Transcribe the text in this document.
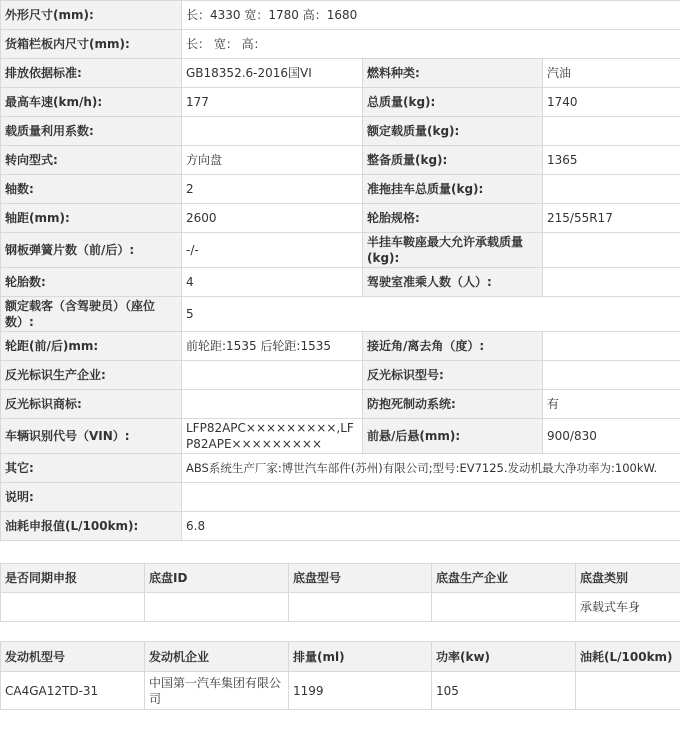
外形尺寸(mm):	长：4330 宽：1780 高：1680		
货箱栏板内尺寸(mm):	长： 宽： 高：		
排放依据标准:	GB18352.6-2016国VI	燃料种类:	汽油
最高车速(km/h):	177	总质量(kg):	1740
载质量利用系数:		额定载质量(kg):	
转向型式:	方向盘	整备质量(kg):	1365
轴数:	2	准拖挂车总质量(kg):	
轴距(mm):	2600	轮胎规格:	215/55R17
钢板弹簧片数（前/后）:	-/-	半挂车鞍座最大允许承载质量(kg):	
轮胎数:	4	驾驶室准乘人数（人）:	
额定载客（含驾驶员）（座位数）:	5		
轮距(前/后)mm:	前轮距:1535 后轮距:1535	接近角/离去角（度）:	
反光标识生产企业:		反光标识型号:	
反光标识商标:		防抱死制动系统:	有
车辆识别代号（VIN）:	LFP82APC×××××××××,LFP82APE×××××××××	前悬/后悬(mm):	900/830
其它:	ABS系统生产厂家:博世汽车部件(苏州)有限公司;型号:EV7125.发动机最大净功率为:100kW.		
说明:			
油耗申报值(L/100km):	6.8		
是否同期申报	底盘ID	底盘型号	底盘生产企业	底盘类别
				承载式车身
发动机型号	发动机企业	排量(ml)	功率(kw)	油耗(L/100km)
CA4GA12TD-31	中国第一汽车集团有限公司	1199	105	
